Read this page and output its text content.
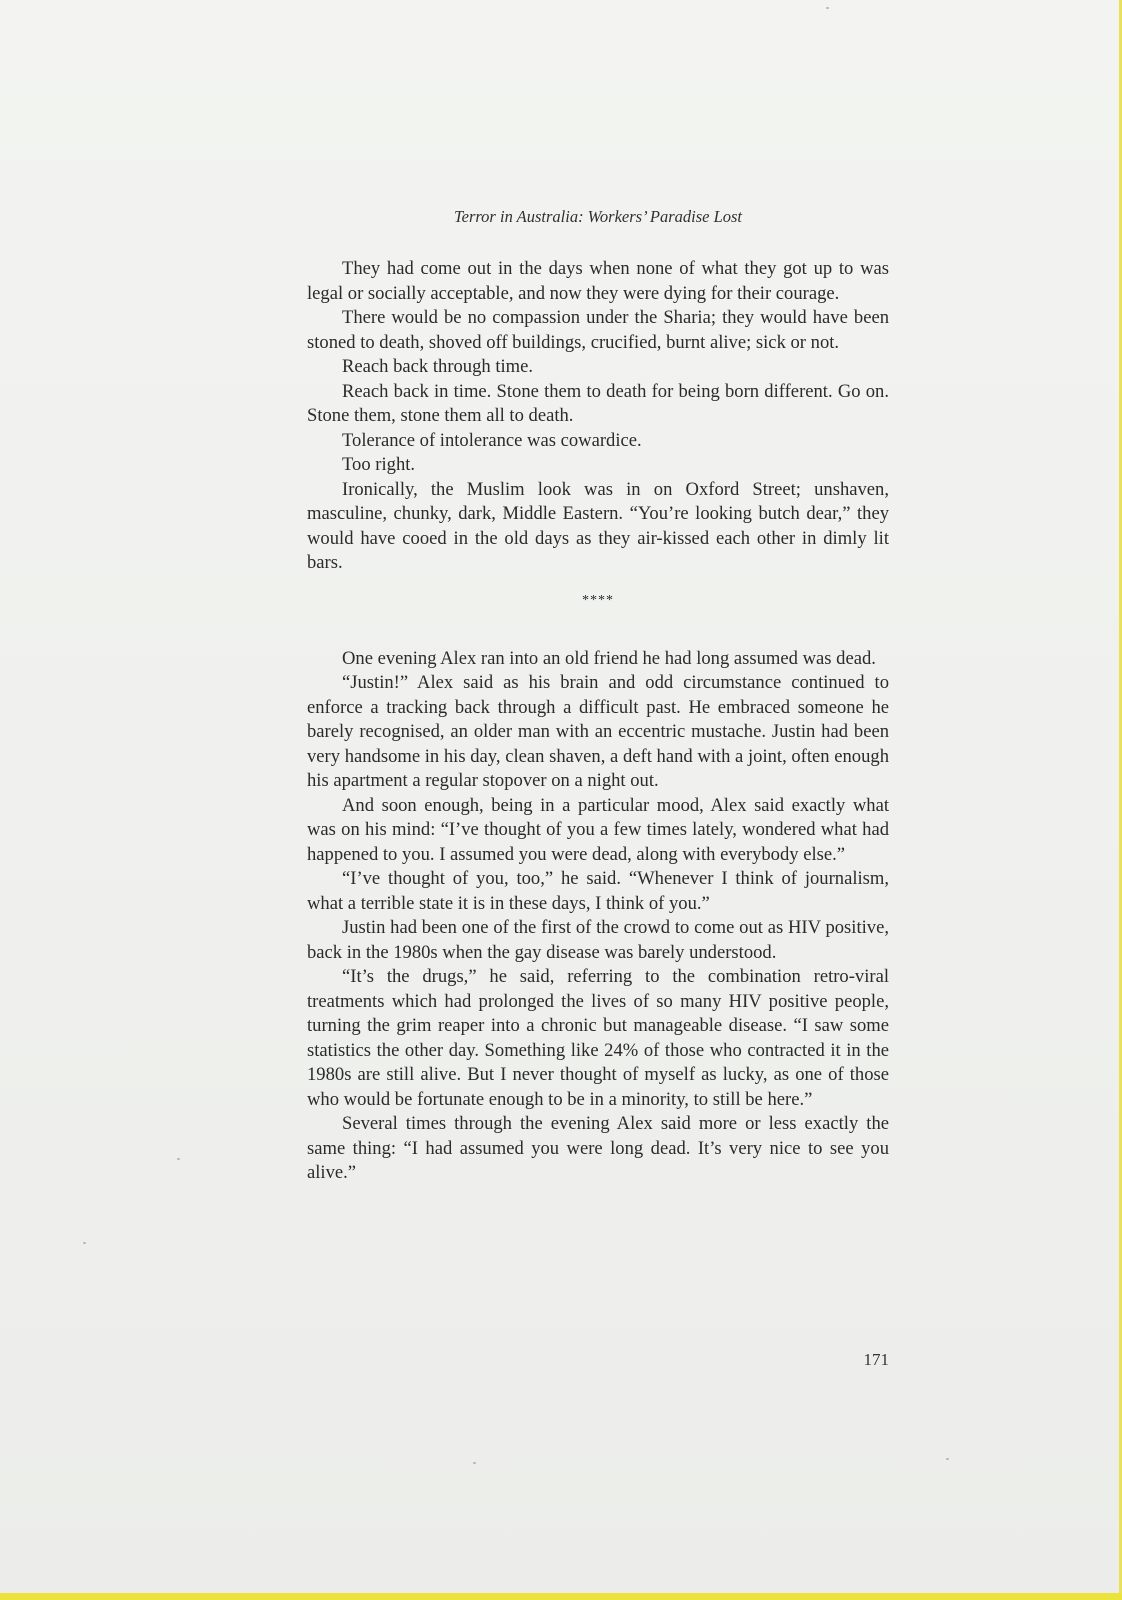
Terror in Australia: Workers’ Paradise Lost

They had come out in the days when none of what they got up to was legal or socially acceptable, and now they were dying for their courage.

There would be no compassion under the Sharia; they would have been stoned to death, shoved off buildings, crucified, burnt alive; sick or not.

Reach back through time.

Reach back in time. Stone them to death for being born different. Go on. Stone them, stone them all to death.

Tolerance of intolerance was cowardice.

Too right.

Ironically, the Muslim look was in on Oxford Street; unshaven, masculine, chunky, dark, Middle Eastern. “You’re looking butch dear,” they would have cooed in the old days as they air-kissed each other in dimly lit bars.

****

One evening Alex ran into an old friend he had long assumed was dead.

“Justin!” Alex said as his brain and odd circumstance continued to enforce a tracking back through a difficult past. He embraced someone he barely recognised, an older man with an eccentric mustache. Justin had been very handsome in his day, clean shaven, a deft hand with a joint, often enough his apartment a regular stopover on a night out.

And soon enough, being in a particular mood, Alex said exactly what was on his mind: “I’ve thought of you a few times lately, wondered what had happened to you. I assumed you were dead, along with everybody else.”

“I’ve thought of you, too,” he said. “Whenever I think of journalism, what a terrible state it is in these days, I think of you.”

Justin had been one of the first of the crowd to come out as HIV positive, back in the 1980s when the gay disease was barely understood.

“It’s the drugs,” he said, referring to the combination retro-viral treatments which had prolonged the lives of so many HIV positive people, turning the grim reaper into a chronic but manageable disease. “I saw some statistics the other day. Something like 24% of those who contracted it in the 1980s are still alive. But I never thought of myself as lucky, as one of those who would be fortunate enough to be in a minority, to still be here.”

Several times through the evening Alex said more or less exactly the same thing: “I had assumed you were long dead. It’s very nice to see you alive.”

171
